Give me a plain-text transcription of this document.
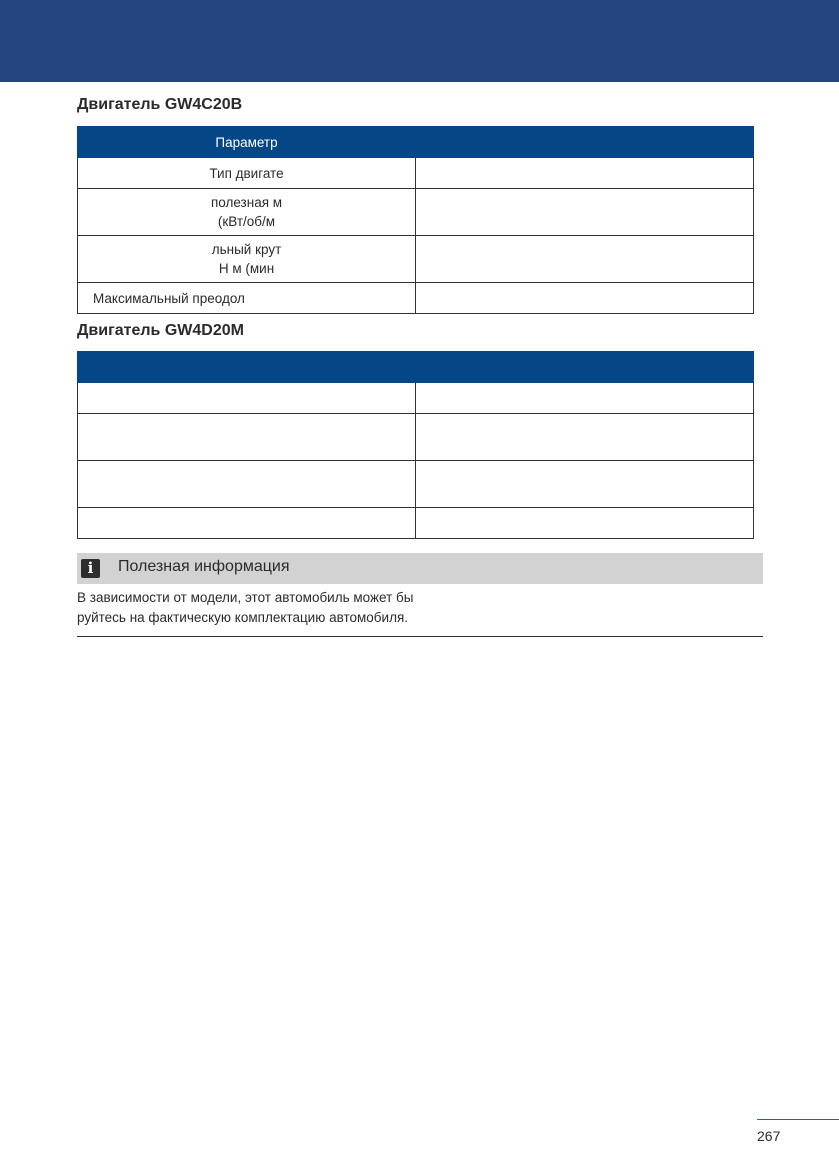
Двигатель GW4C20B
Параметр	
Тип двигате	
полезная м
(кВт/об/м	
льный крут
Н м (мин	
Максимальный преодол	
Двигатель GW4D20M

i	Полезная информация
В зависимости от модели, этот автомобиль может бы
руйтесь на фактическую комплектацию автомобиля.
267
